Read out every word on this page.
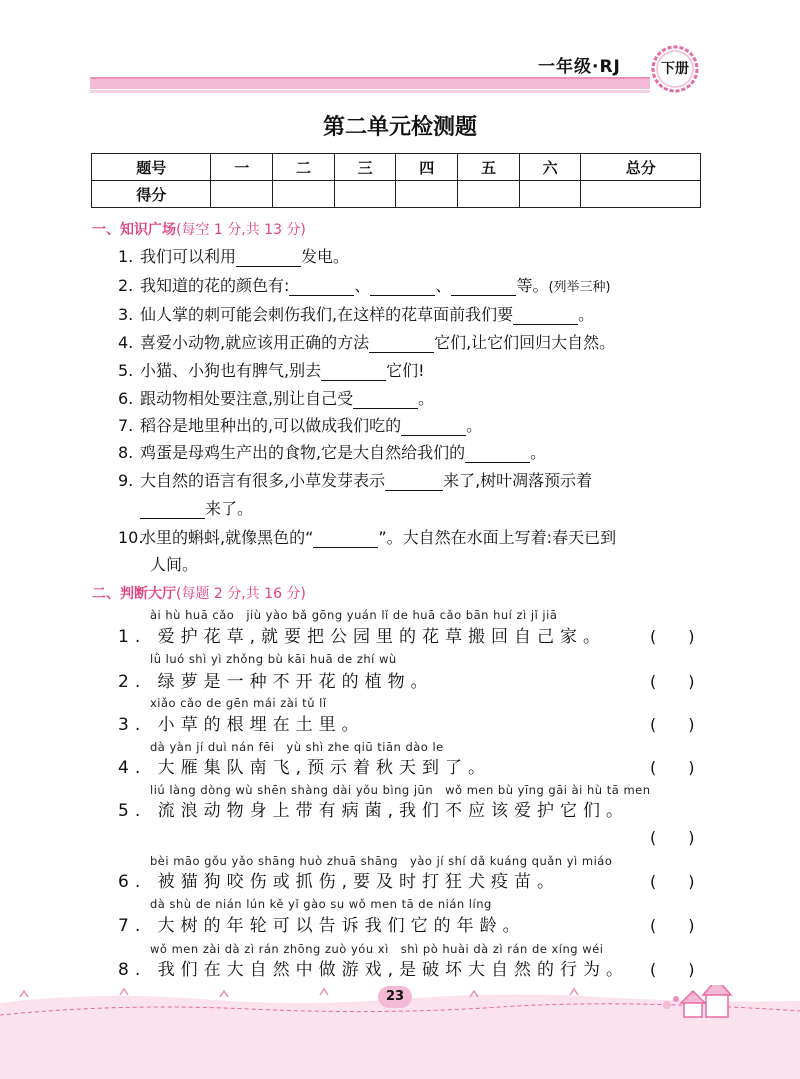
一年级·RJ	下册
第二单元检测题
题号	一	二	三	四	五	六	总分
得分							
一、知识广场(每空 1 分,共 13 分)
1. 我们可以利用	发电。
2. 我知道的花的颜色有:	、	、	等。(列举三种)
3. 仙人掌的刺可能会刺伤我们,在这样的花草面前我们要	。
4. 喜爱小动物,就应该用正确的方法	它们,让它们回归大自然。
5. 小猫、小狗也有脾气,别去	它们!
6. 跟动物相处要注意,别让自己受	。
7. 稻谷是地里种出的,可以做成我们吃的	。
8. 鸡蛋是母鸡生产出的食物,它是大自然给我们的	。
9. 大自然的语言有很多,小草发芽表示	来了,树叶凋落预示着
来了。
10.水里的蝌蚪,就像黑色的“	”。大自然在水面上写着:春天已到
人间。
二、判断大厅(每题 2 分,共 16 分)
ài hù huā cǎo　jiù yào bǎ gōng yuán lǐ de huā cǎo bān huí zì jǐ jiā
1. 爱护花草,就要把公园里的花草搬回自己家。	(　　)
lǜ luó shì yì zhǒng bù kāi huā de zhí wù
2. 绿萝是一种不开花的植物。	(　　)
xiǎo cǎo de gēn mái zài tǔ lǐ
3. 小草的根埋在土里。	(　　)
dà yàn jí duì nán fēi　yù shì zhe qiū tiān dào le
4. 大雁集队南飞,预示着秋天到了。	(　　)
liú làng dòng wù shēn shàng dài yǒu bìng jūn　wǒ men bù yīng gāi ài hù tā men
5. 流浪动物身上带有病菌,我们不应该爱护它们。
(　　)
bèi māo gǒu yǎo shāng huò zhuā shāng　yào jí shí dǎ kuáng quǎn yì miáo
6. 被猫狗咬伤或抓伤,要及时打狂犬疫苗。	(　　)
dà shù de nián lún kě yǐ gào su wǒ men tā de nián líng
7. 大树的年轮可以告诉我们它的年龄。	(　　)
wǒ men zài dà zì rán zhōng zuò yóu xì　shì pò huài dà zì rán de xíng wéi
8. 我们在大自然中做游戏,是破坏大自然的行为。 (　　)
23
